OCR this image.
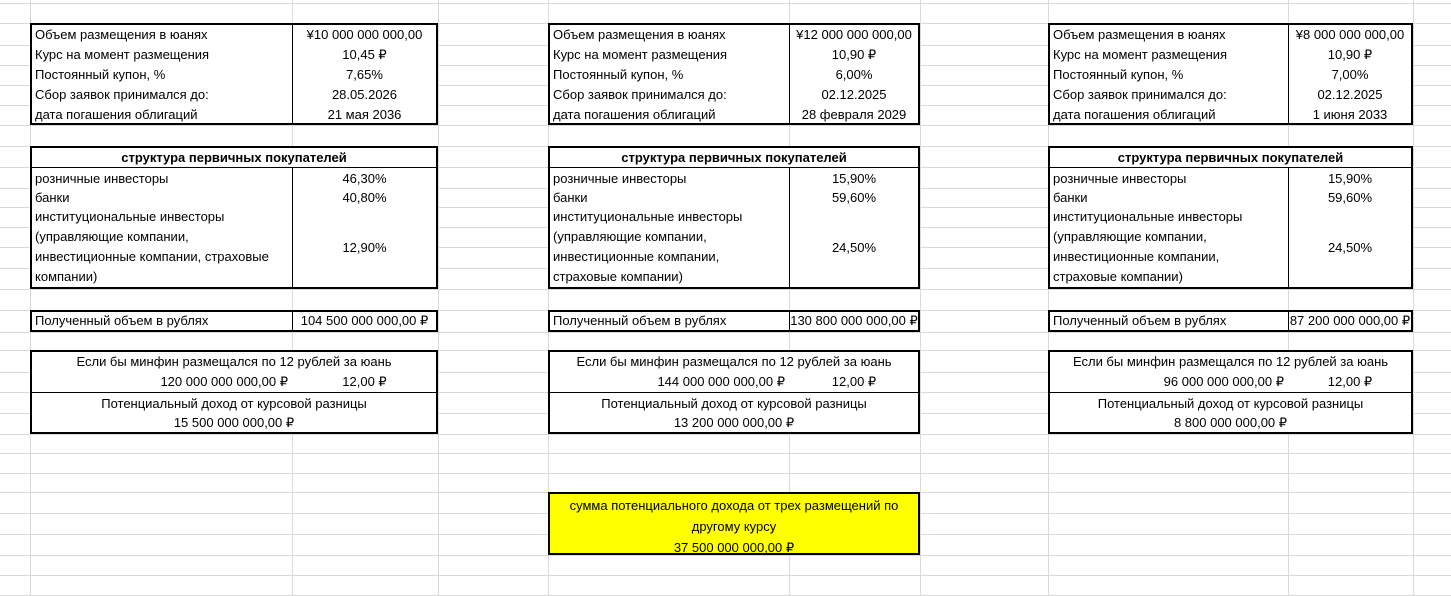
Объем размещения в юанях	¥10 000 000 000,00
Курс на момент размещения	10,45 ₽
Постоянный купон, %	7,65%
Сбор заявок принимался до:	28.05.2026
дата погашения облигаций	21 мая 2036
структура первичных покупателей
розничные инвесторы	46,30%
банки	40,80%
институциональные инвесторы
(управляющие компании,
инвестиционные компании, страховые
компании)
12,90%
Полученный объем в рублях	104 500 000 000,00 ₽
Если бы минфин размещался по 12 рублей за юань
120 000 000 000,00 ₽	12,00 ₽
Потенциальный доход от курсовой разницы
15 500 000 000,00 ₽
Объем размещения в юанях	¥12 000 000 000,00
Курс на момент размещения	10,90 ₽
Постоянный купон, %	6,00%
Сбор заявок принимался до:	02.12.2025
дата погашения облигаций	28 февраля 2029
структура первичных покупателей
розничные инвесторы	15,90%
банки	59,60%
институциональные инвесторы
(управляющие компании,
инвестиционные компании,
страховые компании)
24,50%
Полученный объем в рублях	130 800 000 000,00 ₽
Если бы минфин размещался по 12 рублей за юань
144 000 000 000,00 ₽	12,00 ₽
Потенциальный доход от курсовой разницы
13 200 000 000,00 ₽
Объем размещения в юанях	¥8 000 000 000,00
Курс на момент размещения	10,90 ₽
Постоянный купон, %	7,00%
Сбор заявок принимался до:	02.12.2025
дата погашения облигаций	1 июня 2033
структура первичных покупателей
розничные инвесторы	15,90%
банки	59,60%
институциональные инвесторы
(управляющие компании,
инвестиционные компании,
страховые компании)
24,50%
Полученный объем в рублях	87 200 000 000,00 ₽
Если бы минфин размещался по 12 рублей за юань
96 000 000 000,00 ₽	12,00 ₽
Потенциальный доход от курсовой разницы
8 800 000 000,00 ₽
сумма потенциального дохода от трех размещений по
другому курсу
37 500 000 000,00 ₽
